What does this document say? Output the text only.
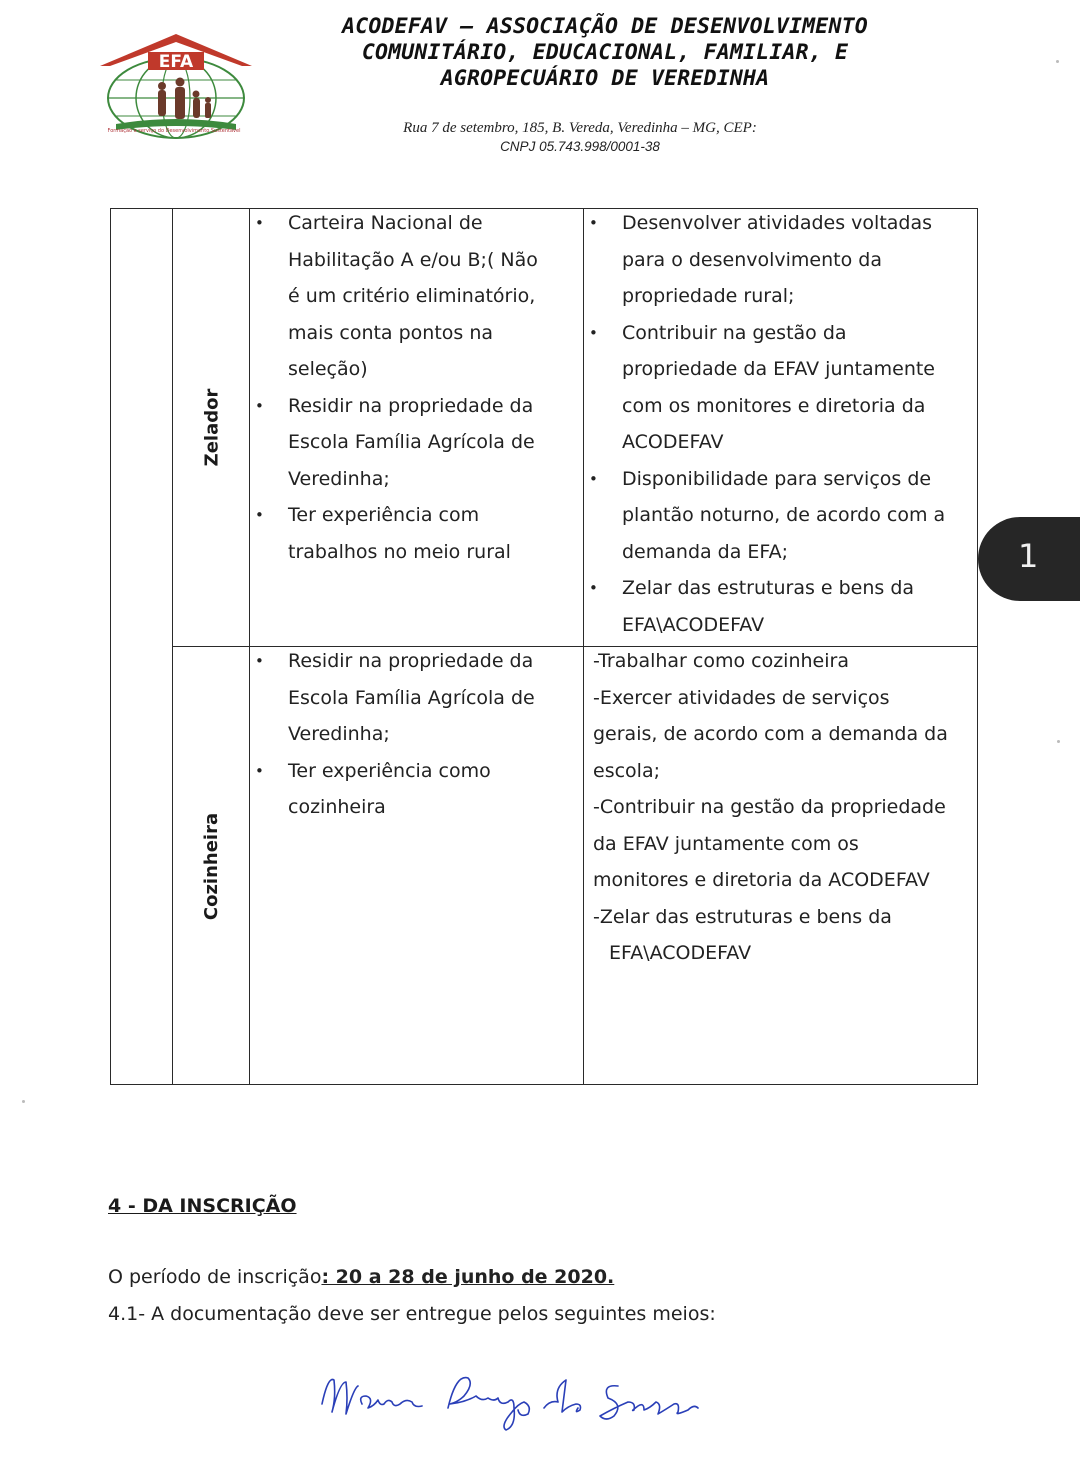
EFA
Formação a serviço do Desenvolvimento Sustentável
ACODEFAV – ASSOCIAÇÃO DE DESENVOLVIMENTO
COMUNITÁRIO, EDUCACIONAL, FAMILIAR, E
AGROPECUÁRIO DE VEREDINHA
Rua 7 de setembro, 185, B. Vereda, Veredinha – MG, CEP:
CNPJ 05.743.998/0001-38
Zelador
Cozinheira
• Carteira Nacional de
Habilitação A e/ou B;( Não
é um critério eliminatório,
mais conta pontos na
seleção)
• Residir na propriedade da
Escola Família Agrícola de
Veredinha;
• Ter experiência com
trabalhos no meio rural
• Desenvolver atividades voltadas
para o desenvolvimento da
propriedade rural;
• Contribuir na gestão da
propriedade da EFAV juntamente
com os monitores e diretoria da
ACODEFAV
• Disponibilidade para serviços de
plantão noturno, de acordo com a
demanda da EFA;
• Zelar das estruturas e bens da
EFA\ACODEFAV
• Residir na propriedade da
Escola Família Agrícola de
Veredinha;
• Ter experiência como
cozinheira
-Trabalhar como cozinheira
-Exercer atividades de serviços
gerais, de acordo com a demanda da
escola;
-Contribuir na gestão da propriedade
da EFAV juntamente com os
monitores e diretoria da ACODEFAV
-Zelar das estruturas e bens da
EFA\ACODEFAV
1
4 - DA INSCRIÇÃO
O período de inscrição: 20 a 28 de junho de 2020.
4.1- A documentação deve ser entregue pelos seguintes meios:
